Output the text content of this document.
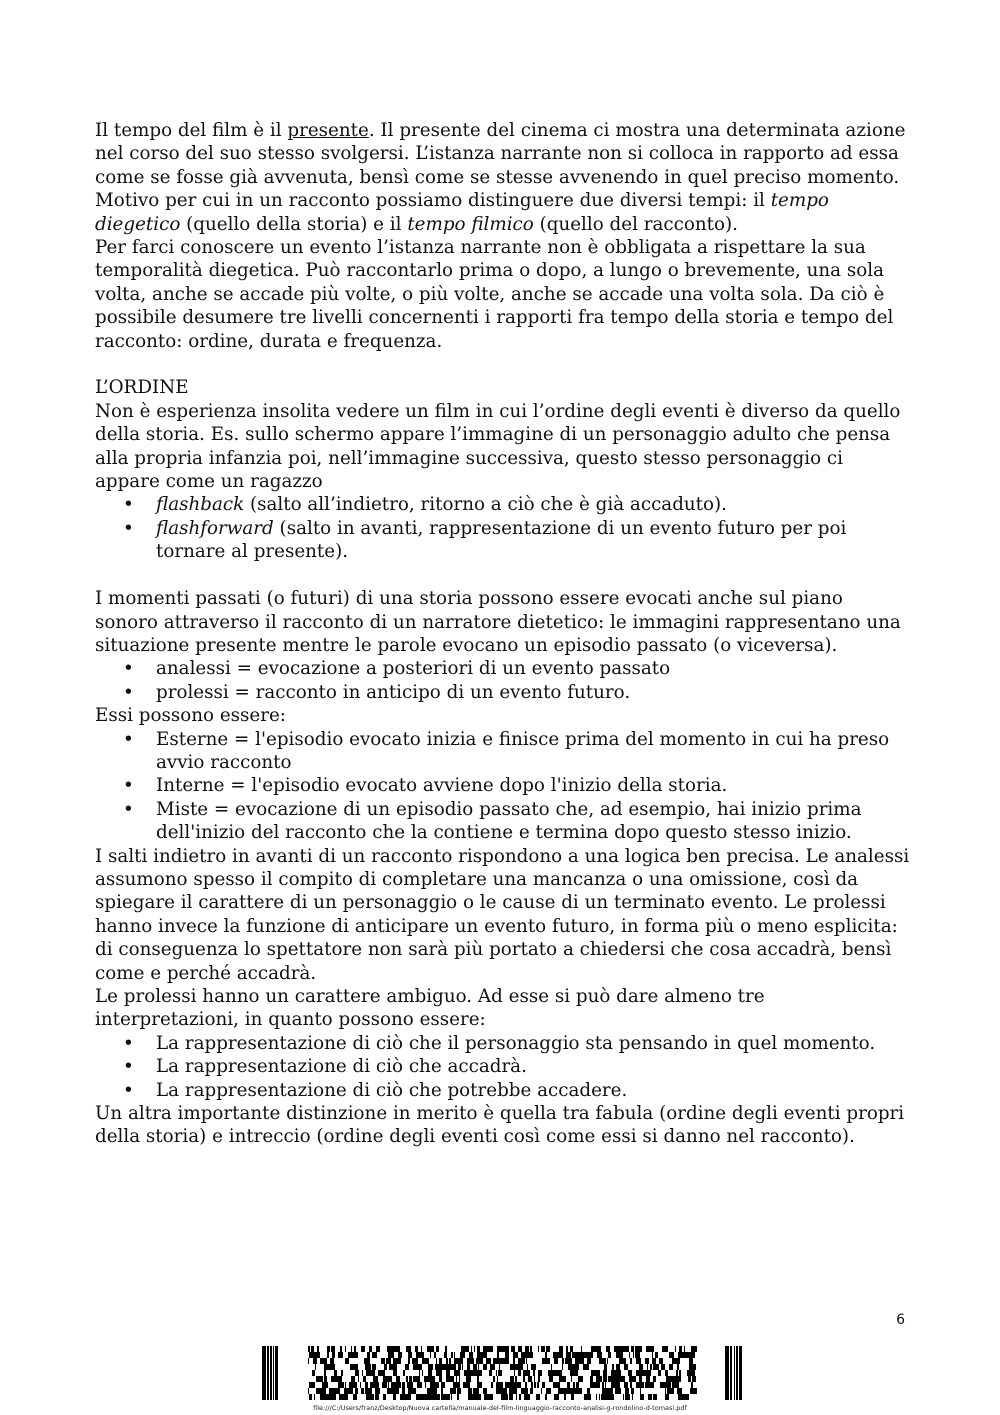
Il tempo del film è il presente. Il presente del cinema ci mostra una determinata azione nel corso del suo stesso svolgersi. L’istanza narrante non si colloca in rapporto ad essa come se fosse già avvenuta, bensì come se stesse avvenendo in quel preciso momento. Motivo per cui in un racconto possiamo distinguere due diversi tempi: il tempo diegetico (quello della storia) e il tempo filmico (quello del racconto).

Per farci conoscere un evento l’istanza narrante non è obbligata a rispettare la sua temporalità diegetica. Può raccontarlo prima o dopo, a lungo o brevemente, una sola volta, anche se accade più volte, o più volte, anche se accade una volta sola. Da ciò è possibile desumere tre livelli concernenti i rapporti fra tempo della storia e tempo del racconto: ordine, durata e frequenza.

L’ORDINE

Non è esperienza insolita vedere un film in cui l’ordine degli eventi è diverso da quello della storia. Es. sullo schermo appare l’immagine di un personaggio adulto che pensa alla propria infanzia poi, nell’immagine successiva, questo stesso personaggio ci appare come un ragazzo

• flashback (salto all’indietro, ritorno a ciò che è già accaduto).
• flashforward (salto in avanti, rappresentazione di un evento futuro per poi tornare al presente).

I momenti passati (o futuri) di una storia possono essere evocati anche sul piano sonoro attraverso il racconto di un narratore dietetico: le immagini rappresentano una situazione presente mentre le parole evocano un episodio passato (o viceversa).

• analessi = evocazione a posteriori di un evento passato
• prolessi = racconto in anticipo di un evento futuro.

Essi possono essere:

• Esterne = l'episodio evocato inizia e finisce prima del momento in cui ha preso avvio racconto
• Interne = l'episodio evocato avviene dopo l'inizio della storia.
• Miste = evocazione di un episodio passato che, ad esempio, hai inizio prima dell'inizio del racconto che la contiene e termina dopo questo stesso inizio.

I salti indietro in avanti di un racconto rispondono a una logica ben precisa. Le analessi assumono spesso il compito di completare una mancanza o una omissione, così da spiegare il carattere di un personaggio o le cause di un terminato evento. Le prolessi hanno invece la funzione di anticipare un evento futuro, in forma più o meno esplicita: di conseguenza lo spettatore non sarà più portato a chiedersi che cosa accadrà, bensì come e perché accadrà.

Le prolessi hanno un carattere ambiguo. Ad esse si può dare almeno tre interpretazioni, in quanto possono essere:

• La rappresentazione di ciò che il personaggio sta pensando in quel momento.
• La rappresentazione di ciò che accadrà.
• La rappresentazione di ciò che potrebbe accadere.

Un altra importante distinzione in merito è quella tra fabula (ordine degli eventi propri della storia) e intreccio (ordine degli eventi così come essi si danno nel racconto).

6
file:///C:/Users/franz/Desktop/Nuova cartella/manuale-del-film-linguaggio-racconto-analisi-g-rondolino-d-tomasi.pdf
